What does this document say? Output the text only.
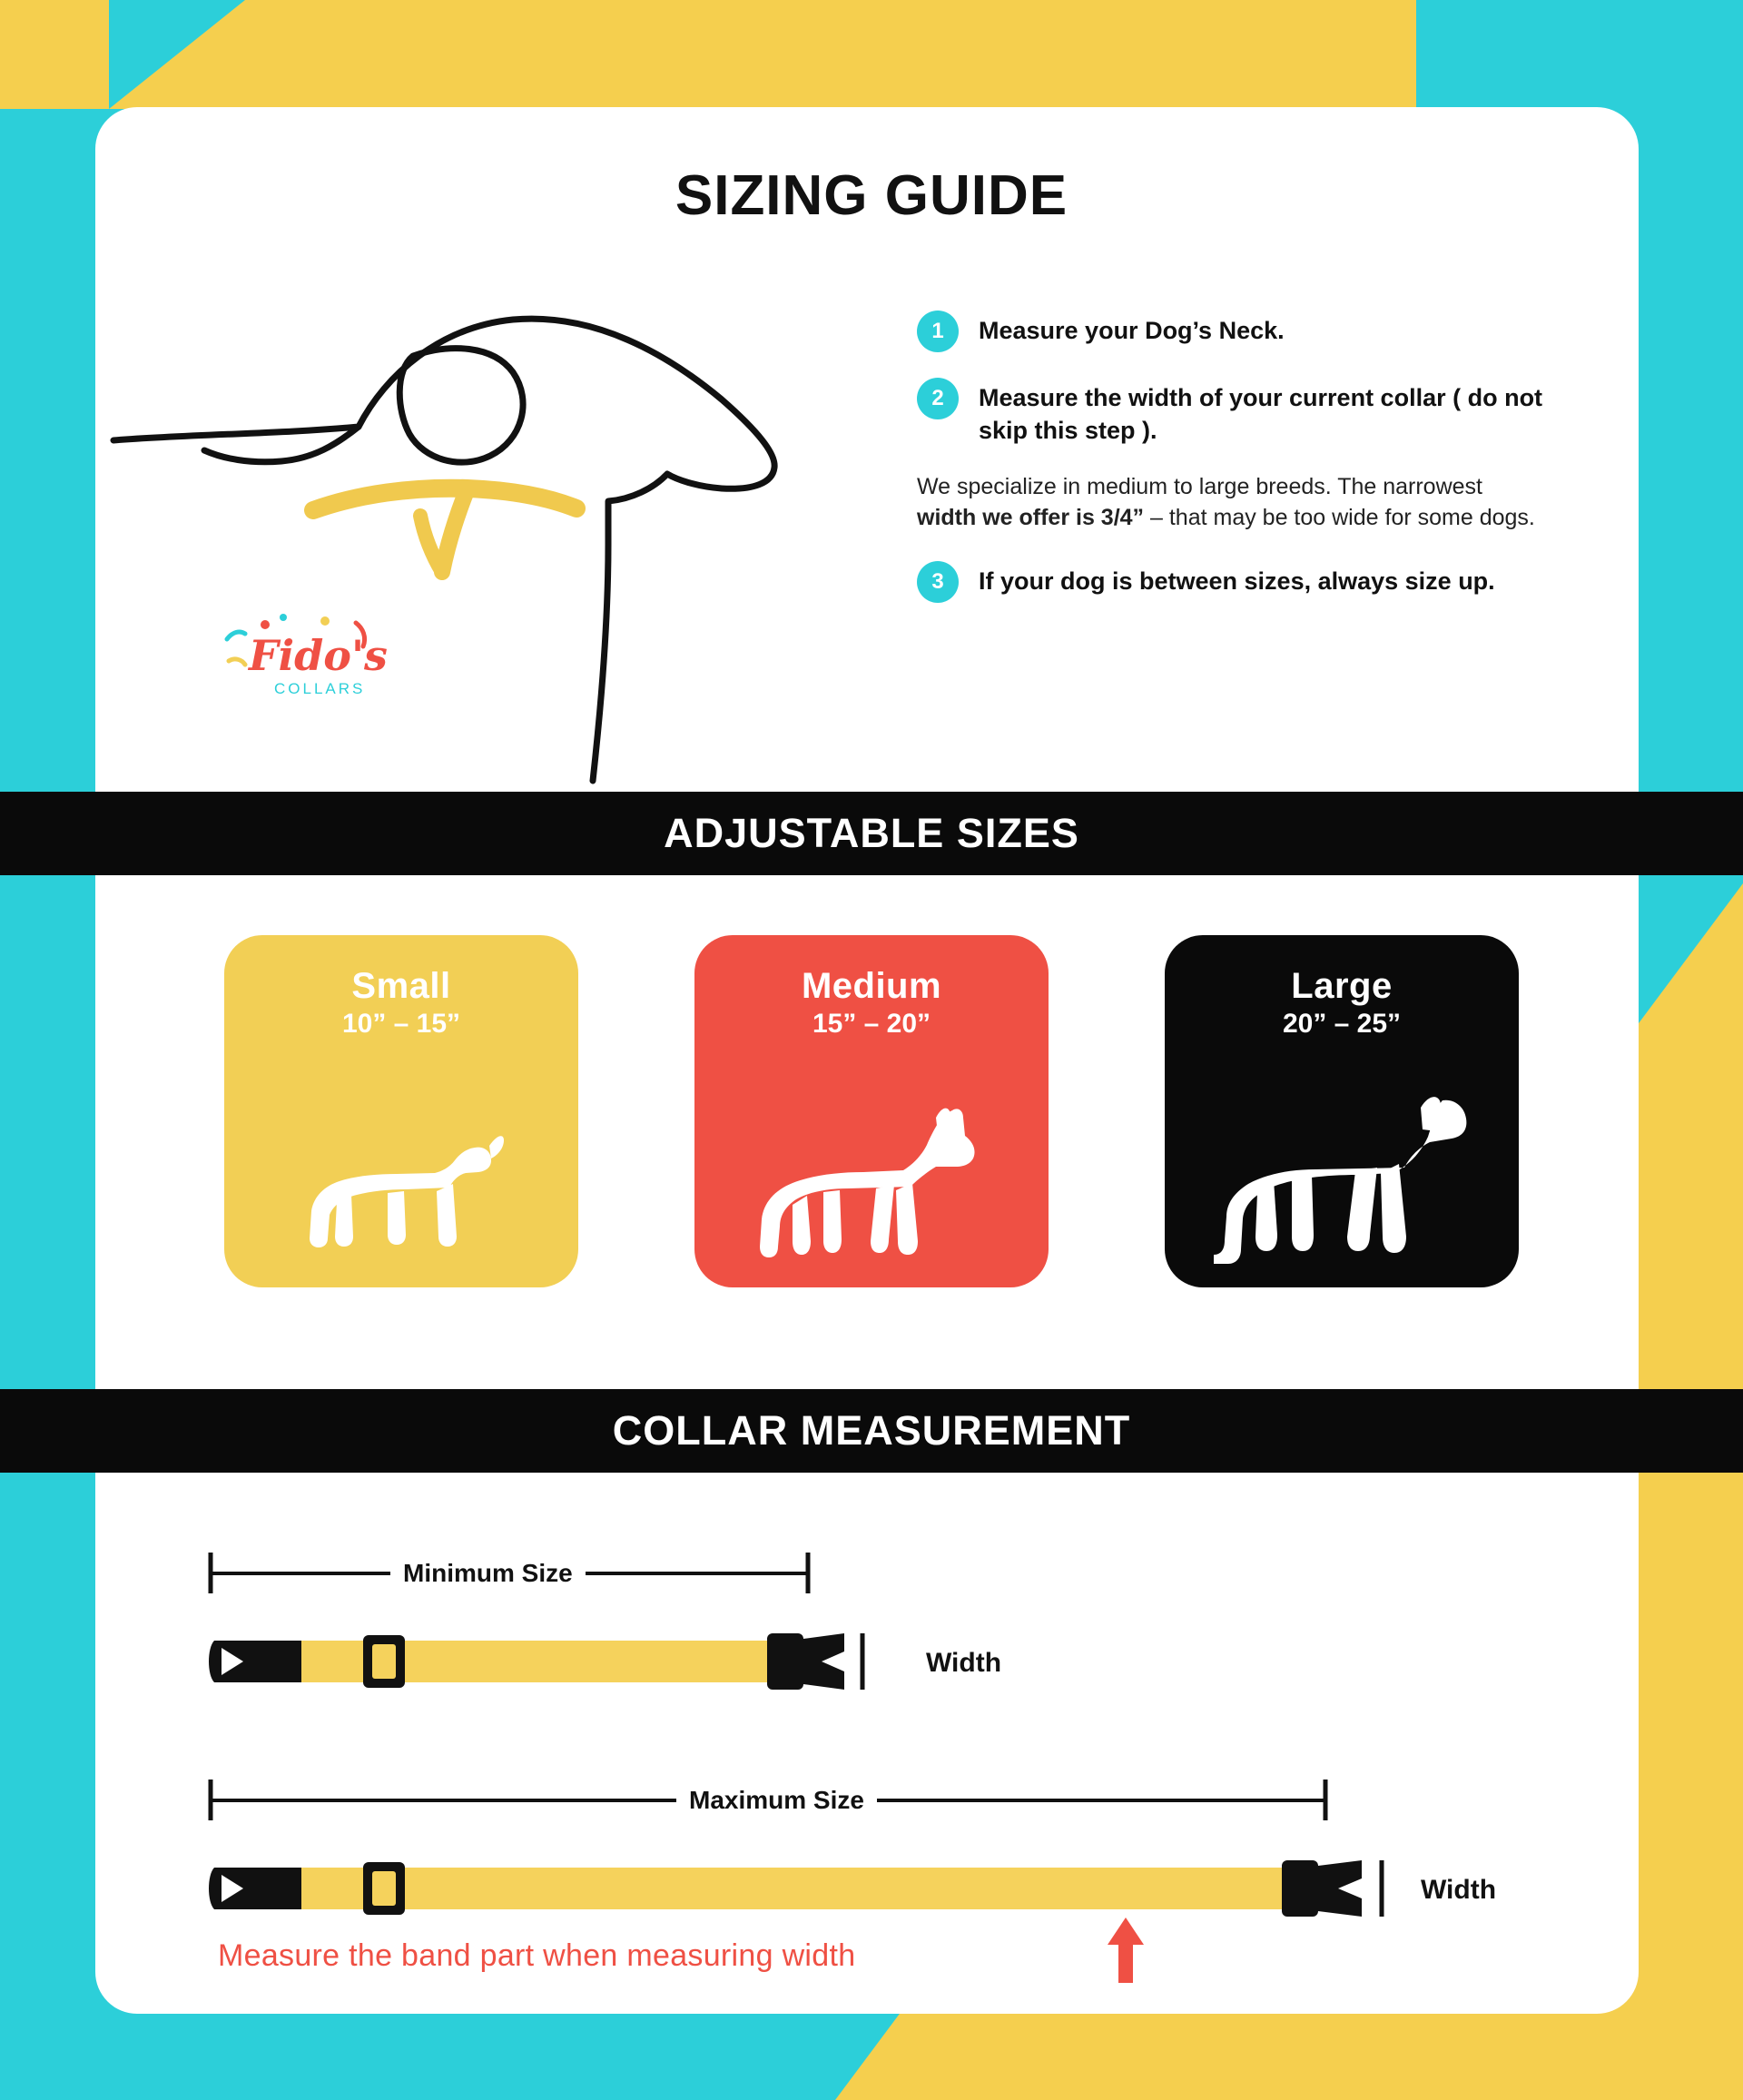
SIZING GUIDE
Fido's
COLLARS
1	Measure your Dog’s Neck.
2	Measure the width of your current collar ( do not skip this step ).
We specialize in medium to large breeds. The narrowest width we offer is 3/4” – that may be too wide for some dogs.
3	If your dog is between sizes, always size up.
ADJUSTABLE SIZES
Small
10” – 15”
Medium
15” – 20”
Large
20” – 25”
COLLAR MEASUREMENT
Minimum Size
Width
Maximum Size
Width
Measure the band part when measuring width
